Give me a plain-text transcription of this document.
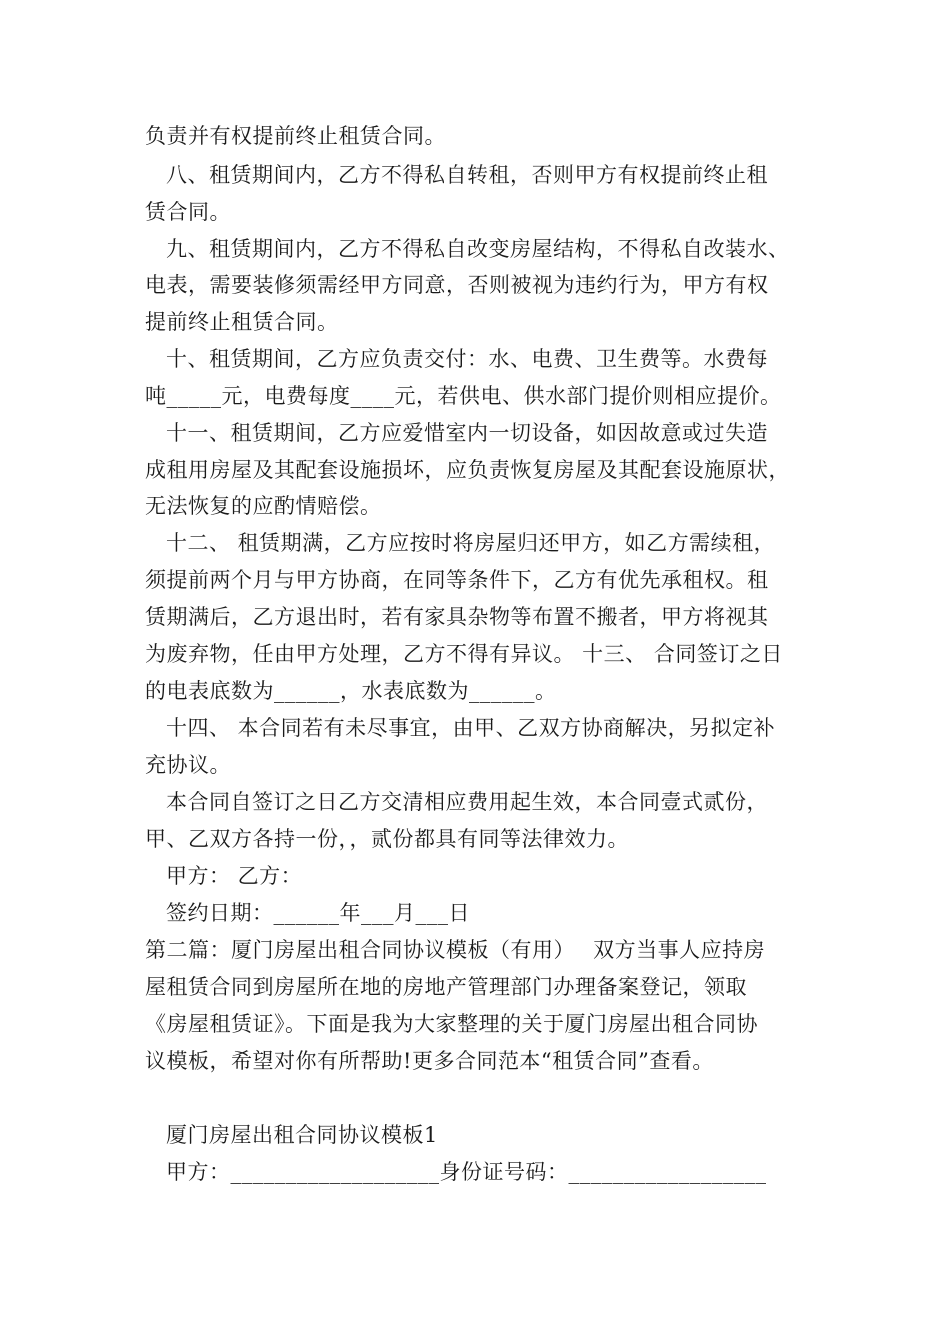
负责并有权提前终止租赁合同。
八、租赁期间内，乙方不得私自转租，否则甲方有权提前终止租
赁合同。
九、租赁期间内，乙方不得私自改变房屋结构，不得私自改装水、
电表，需要装修须需经甲方同意，否则被视为违约行为，甲方有权
提前终止租赁合同。
十、租赁期间，乙方应负责交付：水、电费、卫生费等。水费每
吨_____元，电费每度____元，若供电、供水部门提价则相应提价。
十一、租赁期间，乙方应爱惜室内一切设备，如因故意或过失造
成租用房屋及其配套设施损坏，应负责恢复房屋及其配套设施原状，
无法恢复的应酌情赔偿。
十二、 租赁期满，乙方应按时将房屋归还甲方，如乙方需续租，
须提前两个月与甲方协商，在同等条件下，乙方有优先承租权。租
赁期满后，乙方退出时，若有家具杂物等布置不搬者，甲方将视其
为废弃物，任由甲方处理，乙方不得有异议。 十三、 合同签订之日
的电表底数为______，水表底数为______。
十四、 本合同若有未尽事宜，由甲、乙双方协商解决，另拟定补
充协议。
本合同自签订之日乙方交清相应费用起生效，本合同壹式贰份，
甲、乙双方各持一份，，贰份都具有同等法律效力。
甲方： 乙方：
签约日期：______年___月___日
第二篇：厦门房屋出租合同协议模板（有用）　 双方当事人应持房
屋租赁合同到房屋所在地的房地产管理部门办理备案登记，领取
《房屋租赁证》。下面是我为大家整理的关于厦门房屋出租合同协
议模板，希望对你有所帮助!更多合同范本“租赁合同”查看。
厦门房屋出租合同协议模板1
甲方：___________________身份证号码：__________________
